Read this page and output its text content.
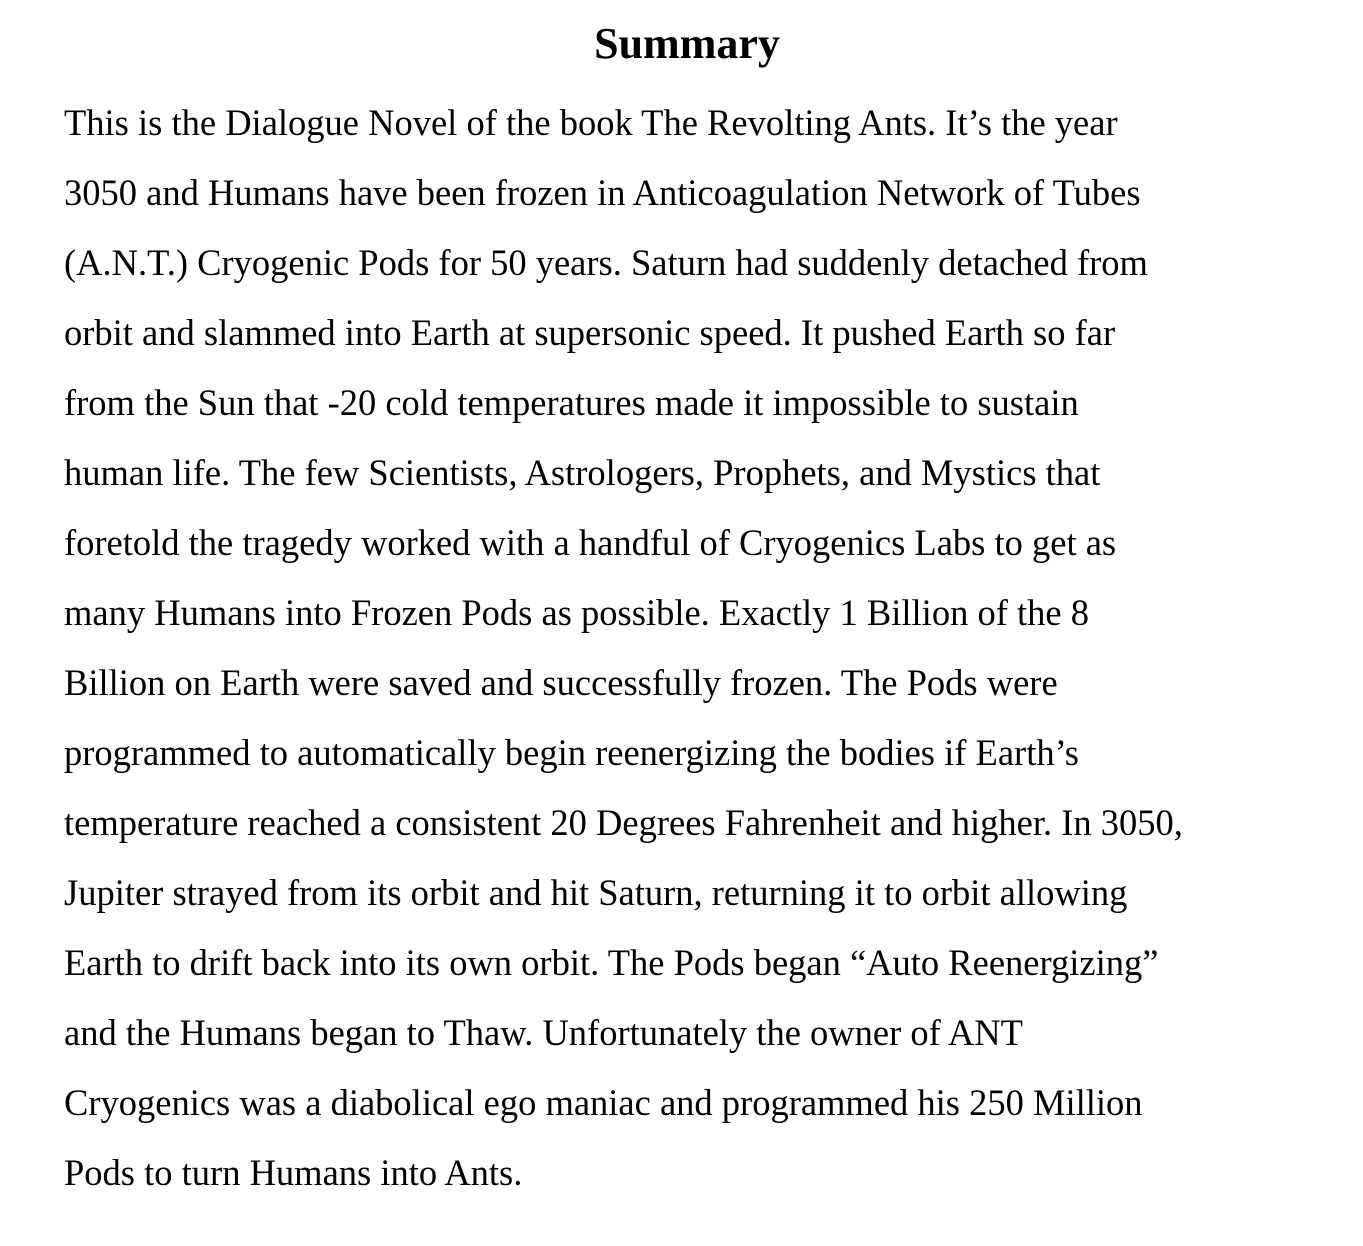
Summary
This is the Dialogue Novel of the book The Revolting Ants. It’s the year
3050 and Humans have been frozen in Anticoagulation Network of Tubes
(A.N.T.) Cryogenic Pods for 50 years. Saturn had suddenly detached from
orbit and slammed into Earth at supersonic speed. It pushed Earth so far
from the Sun that -20 cold temperatures made it impossible to sustain
human life. The few Scientists, Astrologers, Prophets, and Mystics that
foretold the tragedy worked with a handful of Cryogenics Labs to get as
many Humans into Frozen Pods as possible. Exactly 1 Billion of the 8
Billion on Earth were saved and successfully frozen. The Pods were
programmed to automatically begin reenergizing the bodies if Earth’s
temperature reached a consistent 20 Degrees Fahrenheit and higher. In 3050,
Jupiter strayed from its orbit and hit Saturn, returning it to orbit allowing
Earth to drift back into its own orbit. The Pods began “Auto Reenergizing”
and the Humans began to Thaw. Unfortunately the owner of ANT
Cryogenics was a diabolical ego maniac and programmed his 250 Million
Pods to turn Humans into Ants.
